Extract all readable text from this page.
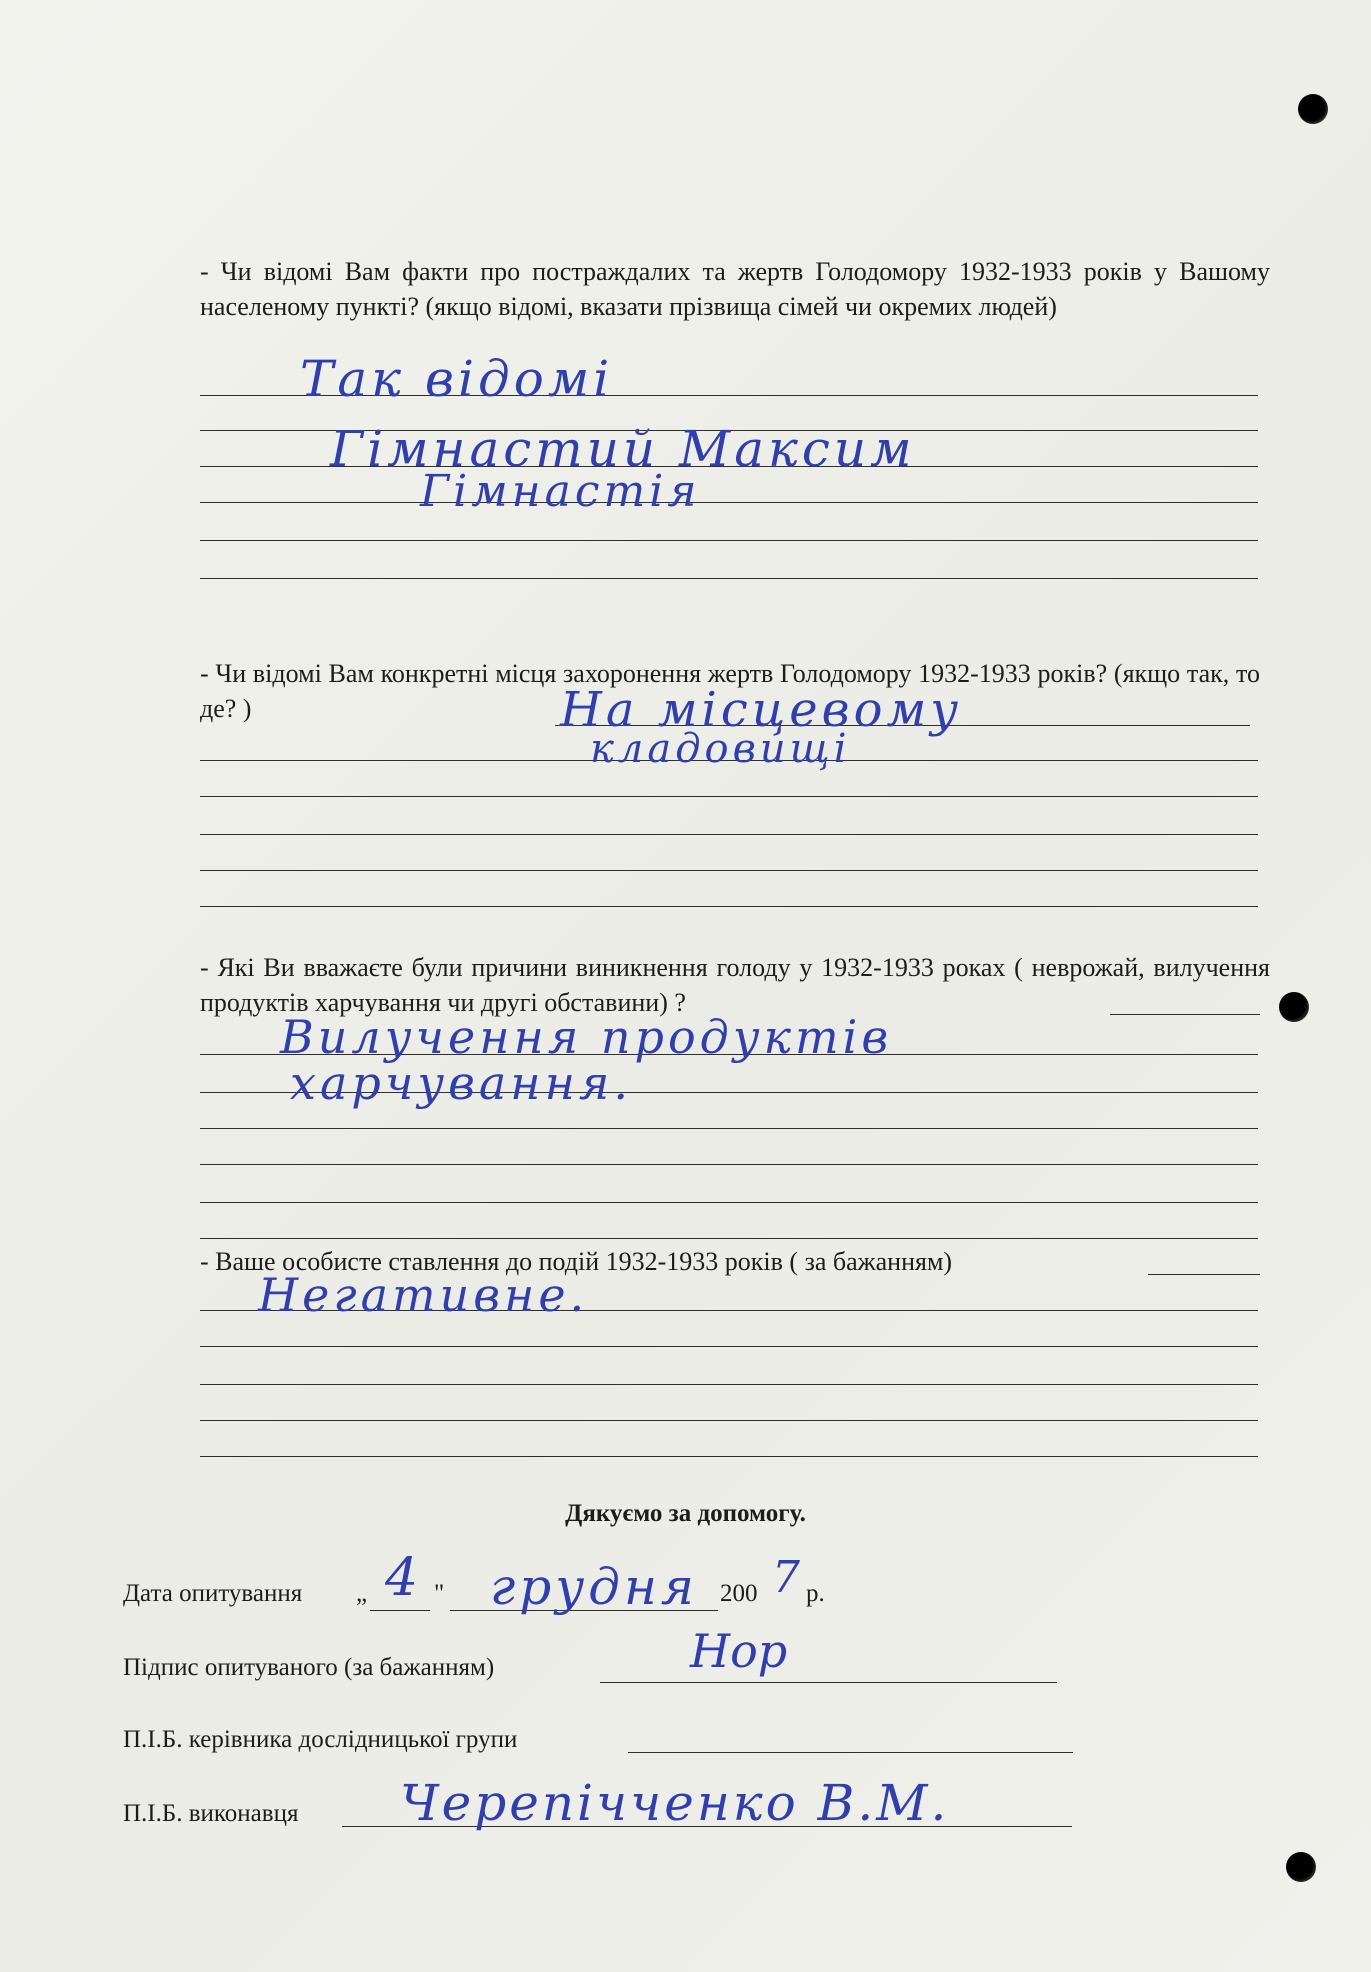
- Чи відомі Вам факти про постраждалих та жертв Голодомору 1932-1933 років у Вашому населеному пункті? (якщо відомі, вказати прізвища сімей чи окремих людей)
Так відомі
Гімнастий Максим
Гімнастія
- Чи відомі Вам конкретні місця захоронення жертв Голодомору 1932-1933 років? (якщо так, то де? )	На місцевому
кладовищі
- Які Ви вважаєте були причини виникнення голоду у 1932-1933 роках ( неврожай, вилучення продуктів харчування чи другі обставини) ?
Вилучення продуктів
харчування.
- Ваше особисте ставлення до подій 1932-1933 років ( за бажанням)
Негативне.
Дякуємо за допомогу.
Дата опитування „ 4 " грудня 200 7 р.
Підпис опитуваного (за бажанням)	Нор
П.І.Б. керівника дослідницької групи
П.І.Б. виконавця Черепічченко В.М.
